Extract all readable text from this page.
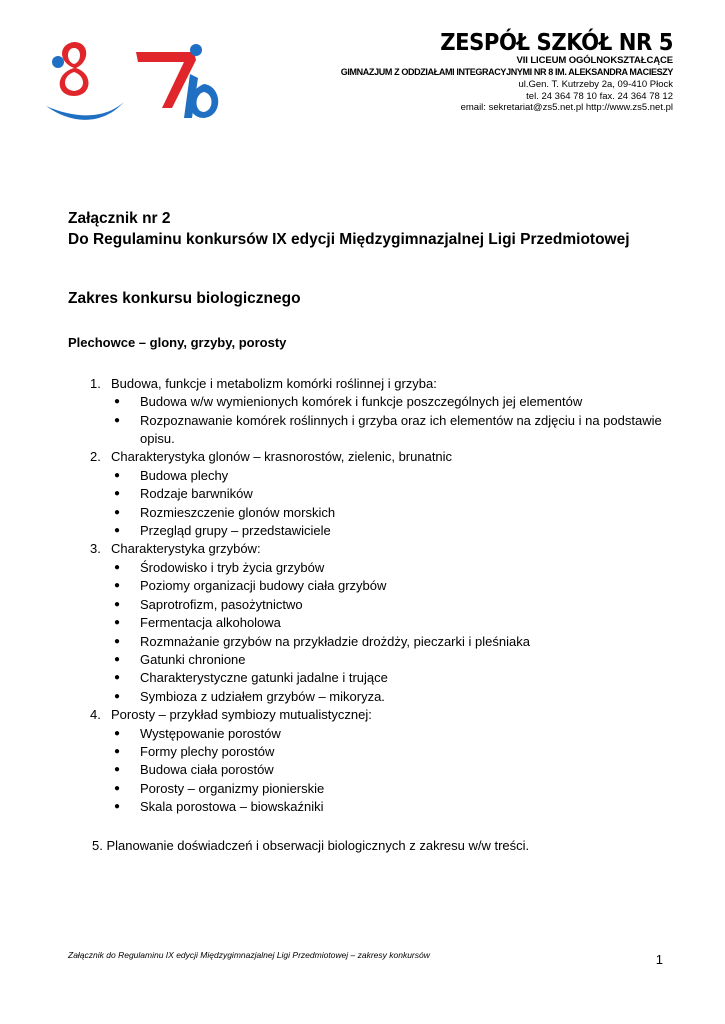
ZESPÓŁ SZKÓŁ NR 5
VII LICEUM OGÓLNOKSZTAŁCĄCE
GIMNAZJUM Z ODDZIAŁAMI INTEGRACYJNYMI NR 8 IM. ALEKSANDRA MACIESZY
ul.Gen. T. Kutrzeby 2a, 09-410 Płock
tel. 24 364 78 10 fax. 24 364 78 12
email: sekretariat@zs5.net.pl http://www.zs5.net.pl
Załącznik nr 2
Do Regulaminu konkursów IX edycji Międzygimnazjalnej Ligi Przedmiotowej
Zakres konkursu biologicznego
Plechowce – glony, grzyby, porosty
1. Budowa, funkcje i metabolizm komórki roślinnej i grzyba:
● Budowa w/w wymienionych komórek i funkcje poszczególnych jej elementów
● Rozpoznawanie komórek roślinnych i grzyba oraz ich elementów na zdjęciu i na podstawie opisu.
2. Charakterystyka glonów – krasnorostów, zielenic, brunatnic
● Budowa plechy
● Rodzaje barwników
● Rozmieszczenie glonów morskich
● Przegląd grupy – przedstawiciele
3. Charakterystyka grzybów:
● Środowisko i tryb życia grzybów
● Poziomy organizacji budowy ciała grzybów
● Saprotrofizm, pasożytnictwo
● Fermentacja alkoholowa
● Rozmnażanie grzybów na przykładzie drożdży, pieczarki i pleśniaka
● Gatunki chronione
● Charakterystyczne gatunki jadalne i trujące
● Symbioza z udziałem grzybów – mikoryza.
4. Porosty – przykład symbiozy mutualistycznej:
● Występowanie porostów
● Formy plechy porostów
● Budowa ciała porostów
● Porosty – organizmy pionierskie
● Skala porostowa – biowskaźniki
5. Planowanie doświadczeń i obserwacji biologicznych z zakresu w/w treści.
Załącznik do Regulaminu IX edycji Międzygimnazjalnej Ligi Przedmiotowej – zakresy konkursów	1
